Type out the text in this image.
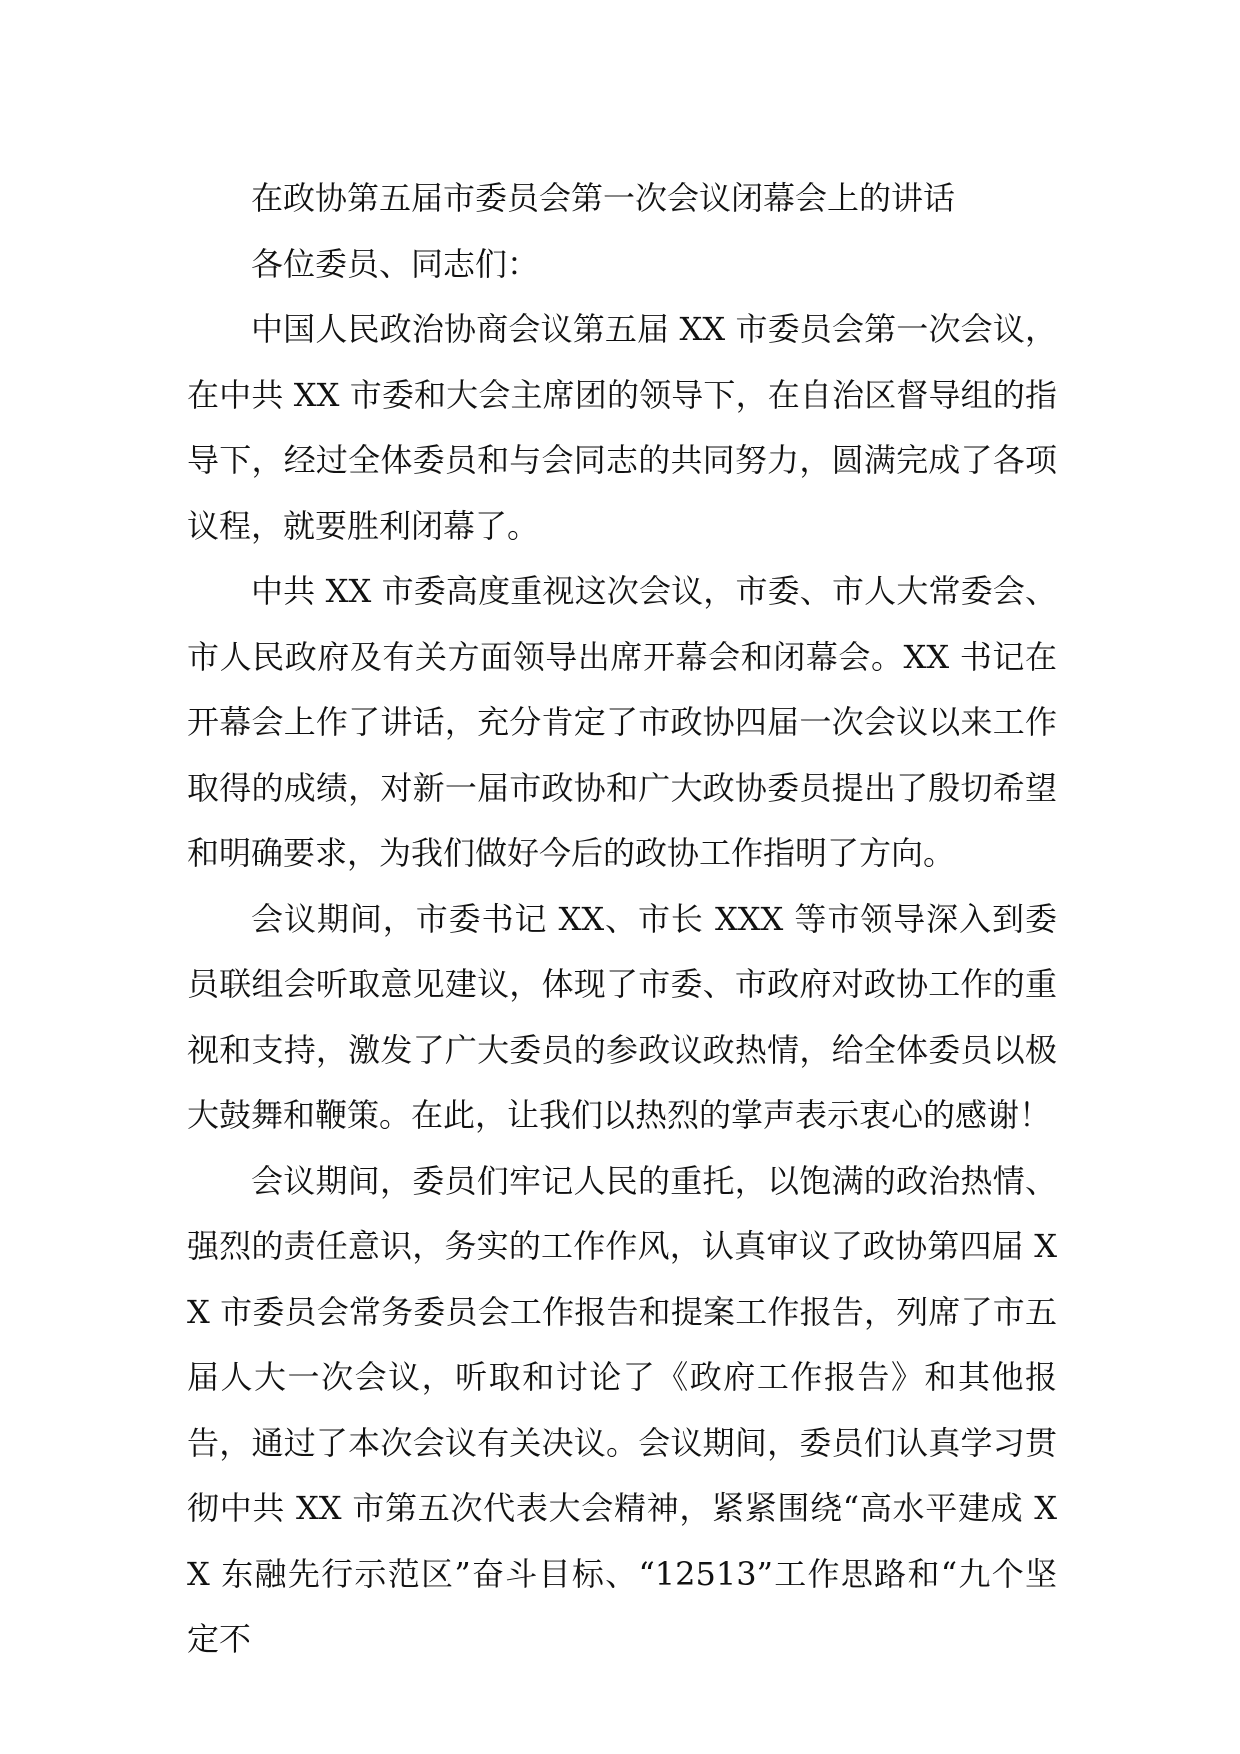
在政协第五届市委员会第一次会议闭幕会上的讲话

各位委员、同志们：

中国人民政治协商会议第五届 XX 市委员会第一次会议，在中共 XX 市委和大会主席团的领导下，在自治区督导组的指导下，经过全体委员和与会同志的共同努力，圆满完成了各项议程，就要胜利闭幕了。

中共 XX 市委高度重视这次会议，市委、市人大常委会、市人民政府及有关方面领导出席开幕会和闭幕会。XX 书记在开幕会上作了讲话，充分肯定了市政协四届一次会议以来工作取得的成绩，对新一届市政协和广大政协委员提出了殷切希望和明确要求，为我们做好今后的政协工作指明了方向。

会议期间，市委书记 XX、市长 XXX 等市领导深入到委员联组会听取意见建议，体现了市委、市政府对政协工作的重视和支持，激发了广大委员的参政议政热情，给全体委员以极大鼓舞和鞭策。在此，让我们以热烈的掌声表示衷心的感谢！

会议期间，委员们牢记人民的重托，以饱满的政治热情、强烈的责任意识，务实的工作作风，认真审议了政协第四届 XX 市委员会常务委员会工作报告和提案工作报告，列席了市五届人大一次会议，听取和讨论了《政府工作报告》和其他报告，通过了本次会议有关决议。会议期间，委员们认真学习贯彻中共 XX 市第五次代表大会精神，紧紧围绕“高水平建成 XX 东融先行示范区”奋斗目标、“12513”工作思路和“九个坚定不
